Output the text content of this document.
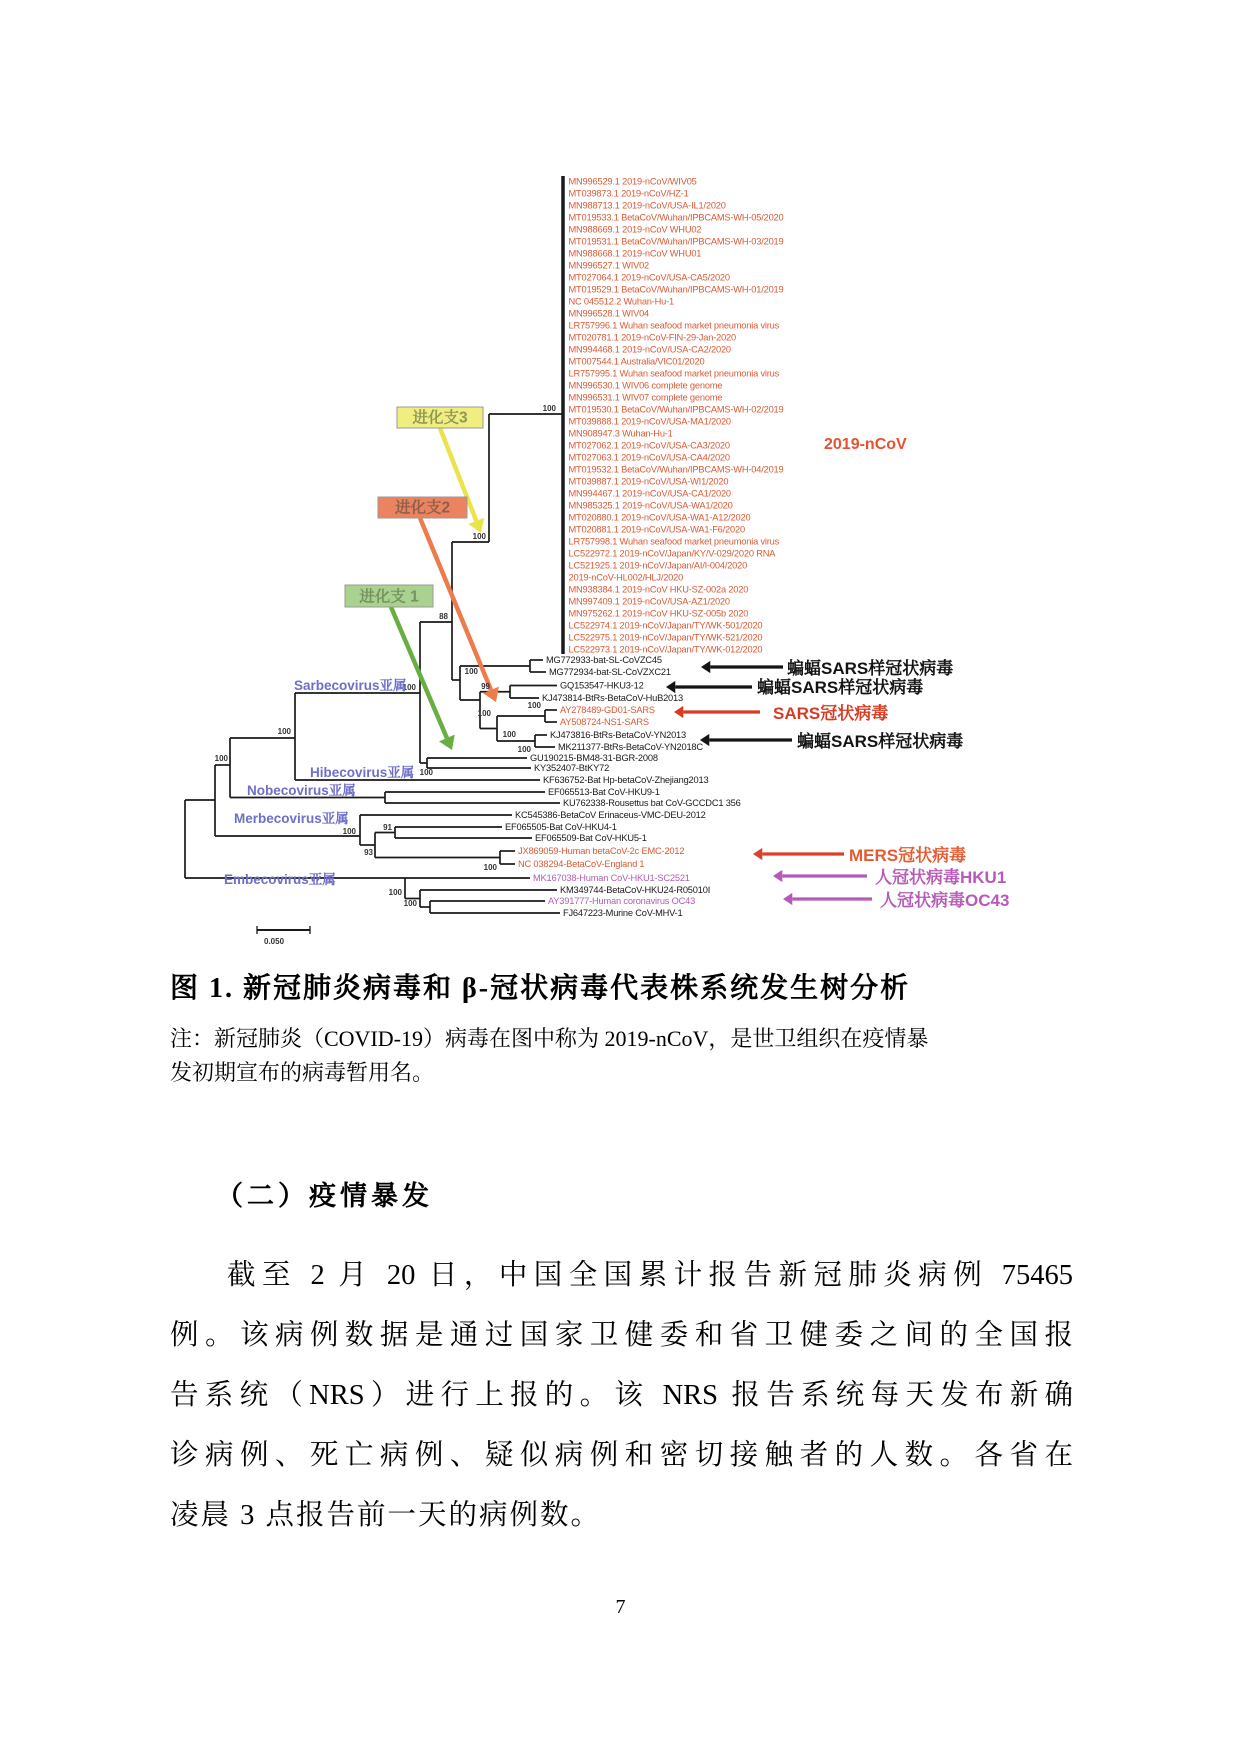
进化支3
进化支2
进化支 1
MN996529.1 2019-nCoV/WIV05
MT039873.1 2019-nCoV/HZ-1
MN988713.1 2019-nCoV/USA-IL1/2020
MT019533.1 BetaCoV/Wuhan/IPBCAMS-WH-05/2020
MN988669.1 2019-nCoV WHU02
MT019531.1 BetaCoV/Wuhan/IPBCAMS-WH-03/2019
MN988668.1 2019-nCoV WHU01
MN996527.1 WIV02
MT027064.1 2019-nCoV/USA-CA5/2020
MT019529.1 BetaCoV/Wuhan/IPBCAMS-WH-01/2019
NC 045512.2 Wuhan-Hu-1
MN996528.1 WIV04
LR757996.1 Wuhan seafood market pneumonia virus
MT020781.1 2019-nCoV-FIN-29-Jan-2020
MN994468.1 2019-nCoV/USA-CA2/2020
MT007544.1 Australia/VIC01/2020
LR757995.1 Wuhan seafood market pneumonia virus
MN996530.1 WIV06 complete genome
MN996531.1 WIV07 complete genome
MT019530.1 BetaCoV/Wuhan/IPBCAMS-WH-02/2019
MT039888.1 2019-nCoV/USA-MA1/2020
MN908947.3 Wuhan-Hu-1
MT027062.1 2019-nCoV/USA-CA3/2020
MT027063.1 2019-nCoV/USA-CA4/2020
MT019532.1 BetaCoV/Wuhan/IPBCAMS-WH-04/2019
MT039887.1 2019-nCoV/USA-WI1/2020
MN994467.1 2019-nCoV/USA-CA1/2020
MN985325.1 2019-nCoV/USA-WA1/2020
MT020880.1 2019-nCoV/USA-WA1-A12/2020
MT020881.1 2019-nCoV/USA-WA1-F6/2020
LR757998.1 Wuhan seafood market pneumonia virus
LC522972.1 2019-nCoV/Japan/KY/V-029/2020 RNA
LC521925.1 2019-nCoV/Japan/AI/I-004/2020
2019-nCoV-HL002/HLJ/2020
MN938384.1 2019-nCoV HKU-SZ-002a 2020
MN997409.1 2019-nCoV/USA-AZ1/2020
MN975262.1 2019-nCoV HKU-SZ-005b 2020
LC522974.1 2019-nCoV/Japan/TY/WK-501/2020
LC522975.1 2019-nCoV/Japan/TY/WK-521/2020
LC522973.1 2019-nCoV/Japan/TY/WK-012/2020
MG772933-bat-SL-CoVZC45
MG772934-bat-SL-CoVZXC21
GQ153547-HKU3-12
KJ473814-BtRs-BetaCoV-HuB2013
AY278489-GD01-SARS
AY508724-NS1-SARS
KJ473816-BtRs-BetaCoV-YN2013
MK211377-BtRs-BetaCoV-YN2018C
GU190215-BM48-31-BGR-2008
KY352407-BtKY72
KF636752-Bat Hp-betaCoV-Zhejiang2013
EF065513-Bat CoV-HKU9-1
KU762338-Rousettus bat CoV-GCCDC1 356
KC545386-BetaCoV Erinaceus-VMC-DEU-2012
EF065505-Bat CoV-HKU4-1
EF065509-Bat CoV-HKU5-1
JX869059-Human betaCoV-2c EMC-2012
NC 038294-BetaCoV-England 1
MK167038-Human CoV-HKU1-SC2521
KM349744-BetaCoV-HKU24-R05010I
AY391777-Human coronavirus OC43
FJ647223-Murine CoV-MHV-1
100
100
88
100
99
100
100
100
100
100
100
100
100
100	91
93
100
100
100
0.050
2019-nCoV
蝙蝠SARS样冠状病毒
蝙蝠SARS样冠状病毒
SARS冠状病毒
蝙蝠SARS样冠状病毒
MERS冠状病毒
人冠状病毒HKU1
人冠状病毒OC43
Sarbecovirus亚属
Hibecovirus亚属
Nobecovirus亚属
Merbecovirus亚属
Embecovirus亚属
图 1. 新冠肺炎病毒和 β-冠状病毒代表株系统发生树分析
注：新冠肺炎（COVID-19）病毒在图中称为 2019-nCoV，是世卫组织在疫情暴
发初期宣布的病毒暂用名。
（二）疫情暴发
截至 2 月 20 日，中国全国累计报告新冠肺炎病例 75465
例。该病例数据是通过国家卫健委和省卫健委之间的全国报
告系统（NRS）进行上报的。该 NRS 报告系统每天发布新确
诊病例、死亡病例、疑似病例和密切接触者的人数。各省在
凌晨 3 点报告前一天的病例数。
7
